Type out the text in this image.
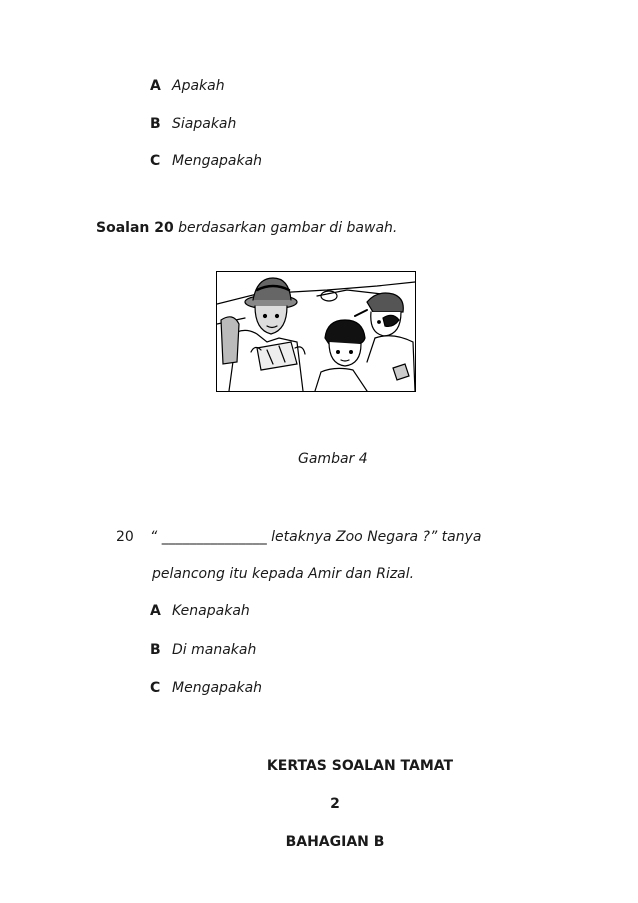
A Apakah
B Siapakah
C Mengapakah
Soalan 20 berdasarkan gambar di bawah.
Gambar 4
20 “ _______________ letaknya Zoo Negara ?” tanya
pelancong itu kepada Amir dan Rizal.
A Kenapakah
B Di manakah
C Mengapakah
KERTAS SOALAN TAMAT
2
BAHAGIAN B
